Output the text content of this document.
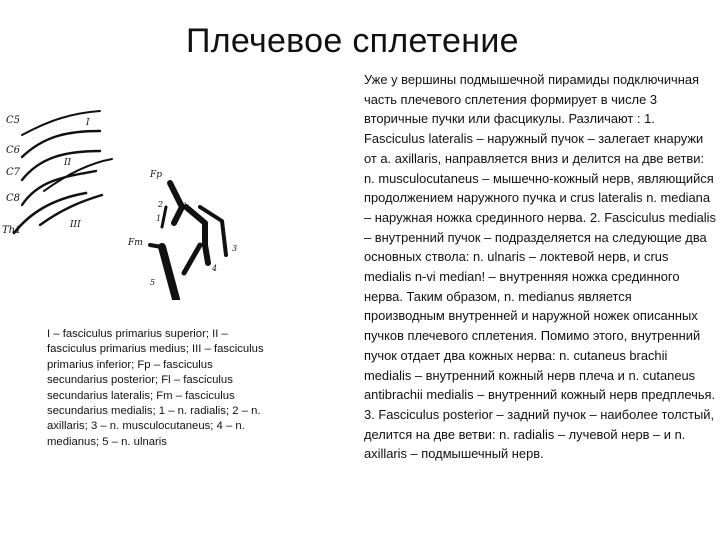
Плечевое сплетение
C5
C6
C7
C8
Th1
I
II
III
Fp
Fl
Fm
1
2
3
4
5
I – fasciculus primarius superior; II – fasciculus primarius medius; III – fasciculus primarius inferior; Fp – fasciculus secundarius posterior; Fl – fasciculus secundarius lateralis; Fm – fasciculus secundarius medialis; 1 – n. radialis; 2 – n. axillaris; 3 – n. musculocutaneus; 4 – n. medianus; 5 – n. ulnaris
Уже у вершины подмышечной пирамиды подключичная часть плечевого сплетения формирует в числе 3 вторичные пучки или фасцикулы. Различают : 1. Fasciculus lateralis – наружный пучок – залегает кнаружи от a. axillaris, направляется вниз и делится на две ветви: n. musculocutaneus – мышечно-кожный нерв, являющийся продолжением наружного пучка и crus lateralis n. mediana – наружная ножка срединного нерва. 2. Fasciculus medialis – внутренний пучок – подразделяется на следующие два основных ствола: n. ulnaris – локтевой нерв, и crus medialis n-vi median! – внутренняя ножка срединного нерва. Таким образом, n. medianus является производным внутренней и наружной ножек описанных пучков плечевого сплетения. Помимо этого, внутренний пучок отдает два кожных нерва: n. cutaneus brachii medialis – внутренний кожный нерв плеча и n. cutaneus antibrachii medialis – внутренний кожный нерв предплечья. 3. Fasciculus posterior – задний пучок – наиболее толстый, делится на две ветви: n. radialis – лучевой нерв – и n. axillaris – подмышечный нерв.
